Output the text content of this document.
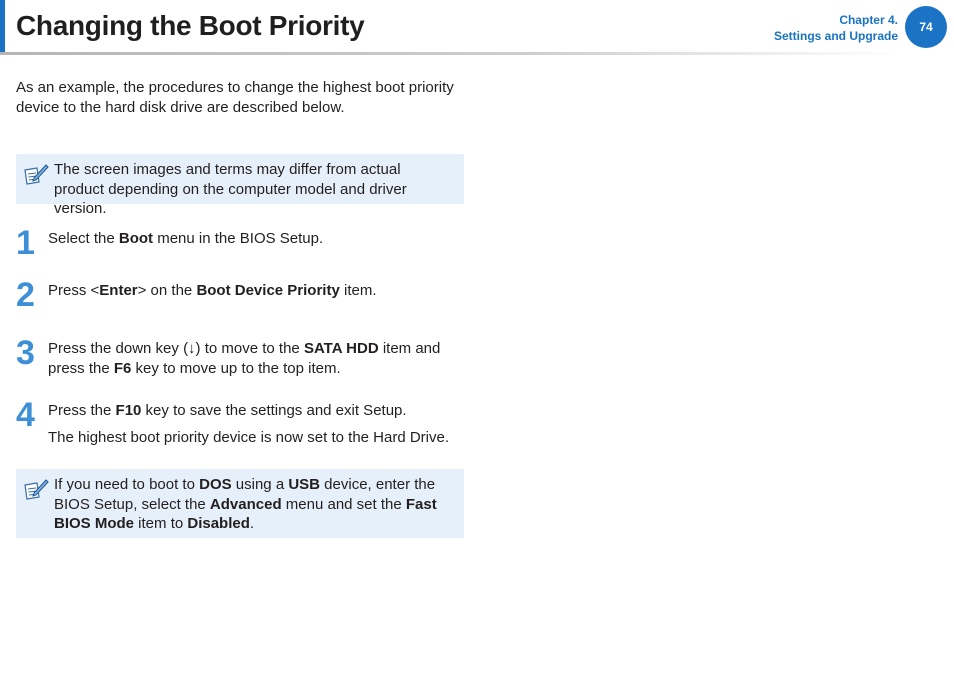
Changing the Boot Priority	Chapter 4.
Settings and Upgrade
74

As an example, the procedures to change the highest boot priority device to the hard disk drive are described below.

The screen images and terms may differ from actual product depending on the computer model and driver version.
1 Select the Boot menu in the BIOS Setup.
2 Press <Enter> on the Boot Device Priority item.
3 Press the down key (↓) to move to the SATA HDD item and press the F6 key to move up to the top item.
4 Press the F10 key to save the settings and exit Setup.
The highest boot priority device is now set to the Hard Drive.
If you need to boot to DOS using a USB device, enter the BIOS Setup, select the Advanced menu and set the Fast BIOS Mode item to Disabled.
